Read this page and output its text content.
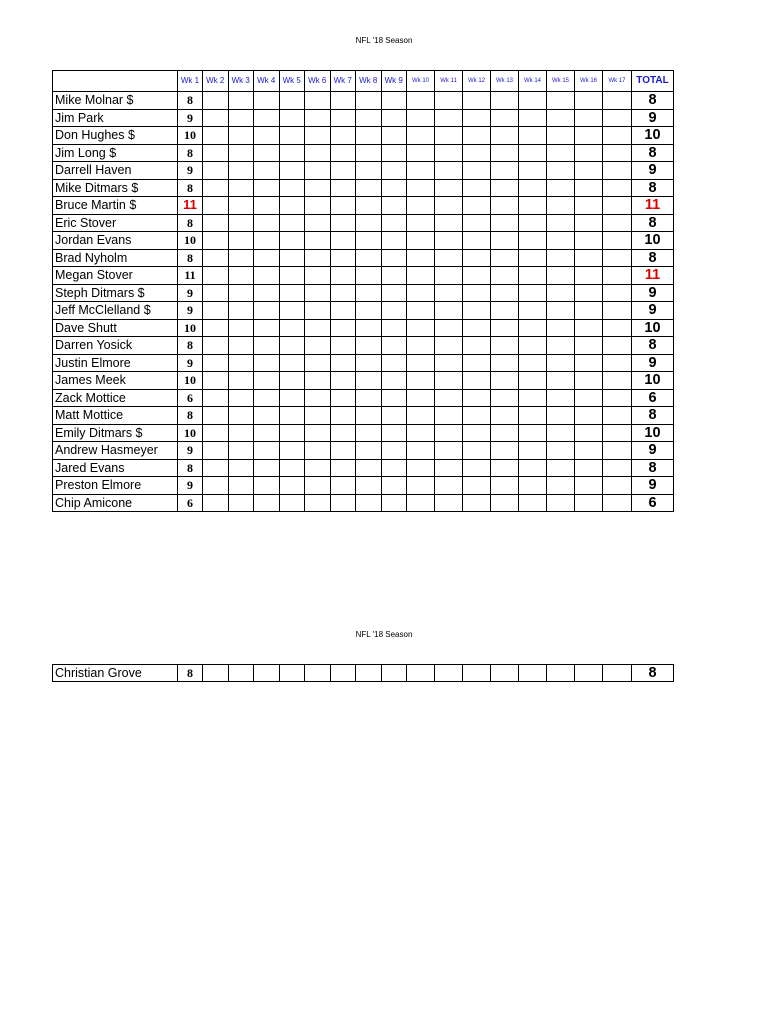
NFL '18 Season
	Wk 1	Wk 2	Wk 3	Wk 4	Wk 5	Wk 6	Wk 7	Wk 8	Wk 9	Wk 10	Wk 11	Wk 12	Wk 13	Wk 14	Wk 15	Wk 16	Wk 17	TOTAL
Mike Molnar $	8																	8
Jim Park	9																	9
Don Hughes $	10																	10
Jim Long $	8																	8
Darrell Haven	9																	9
Mike Ditmars $	8																	8
Bruce Martin $	11																	11
Eric Stover	8																	8
Jordan Evans	10																	10
Brad Nyholm	8																	8
Megan Stover	11																	11
Steph Ditmars $	9																	9
Jeff McClelland $	9																	9
Dave Shutt	10																	10
Darren Yosick	8																	8
Justin Elmore	9																	9
James Meek	10																	10
Zack Mottice	6																	6
Matt Mottice	8																	8
Emily Ditmars $	10																	10
Andrew Hasmeyer	9																	9
Jared Evans	8																	8
Preston Elmore	9																	9
Chip Amicone	6																	6
NFL '18 Season
Christian Grove	8																	8
